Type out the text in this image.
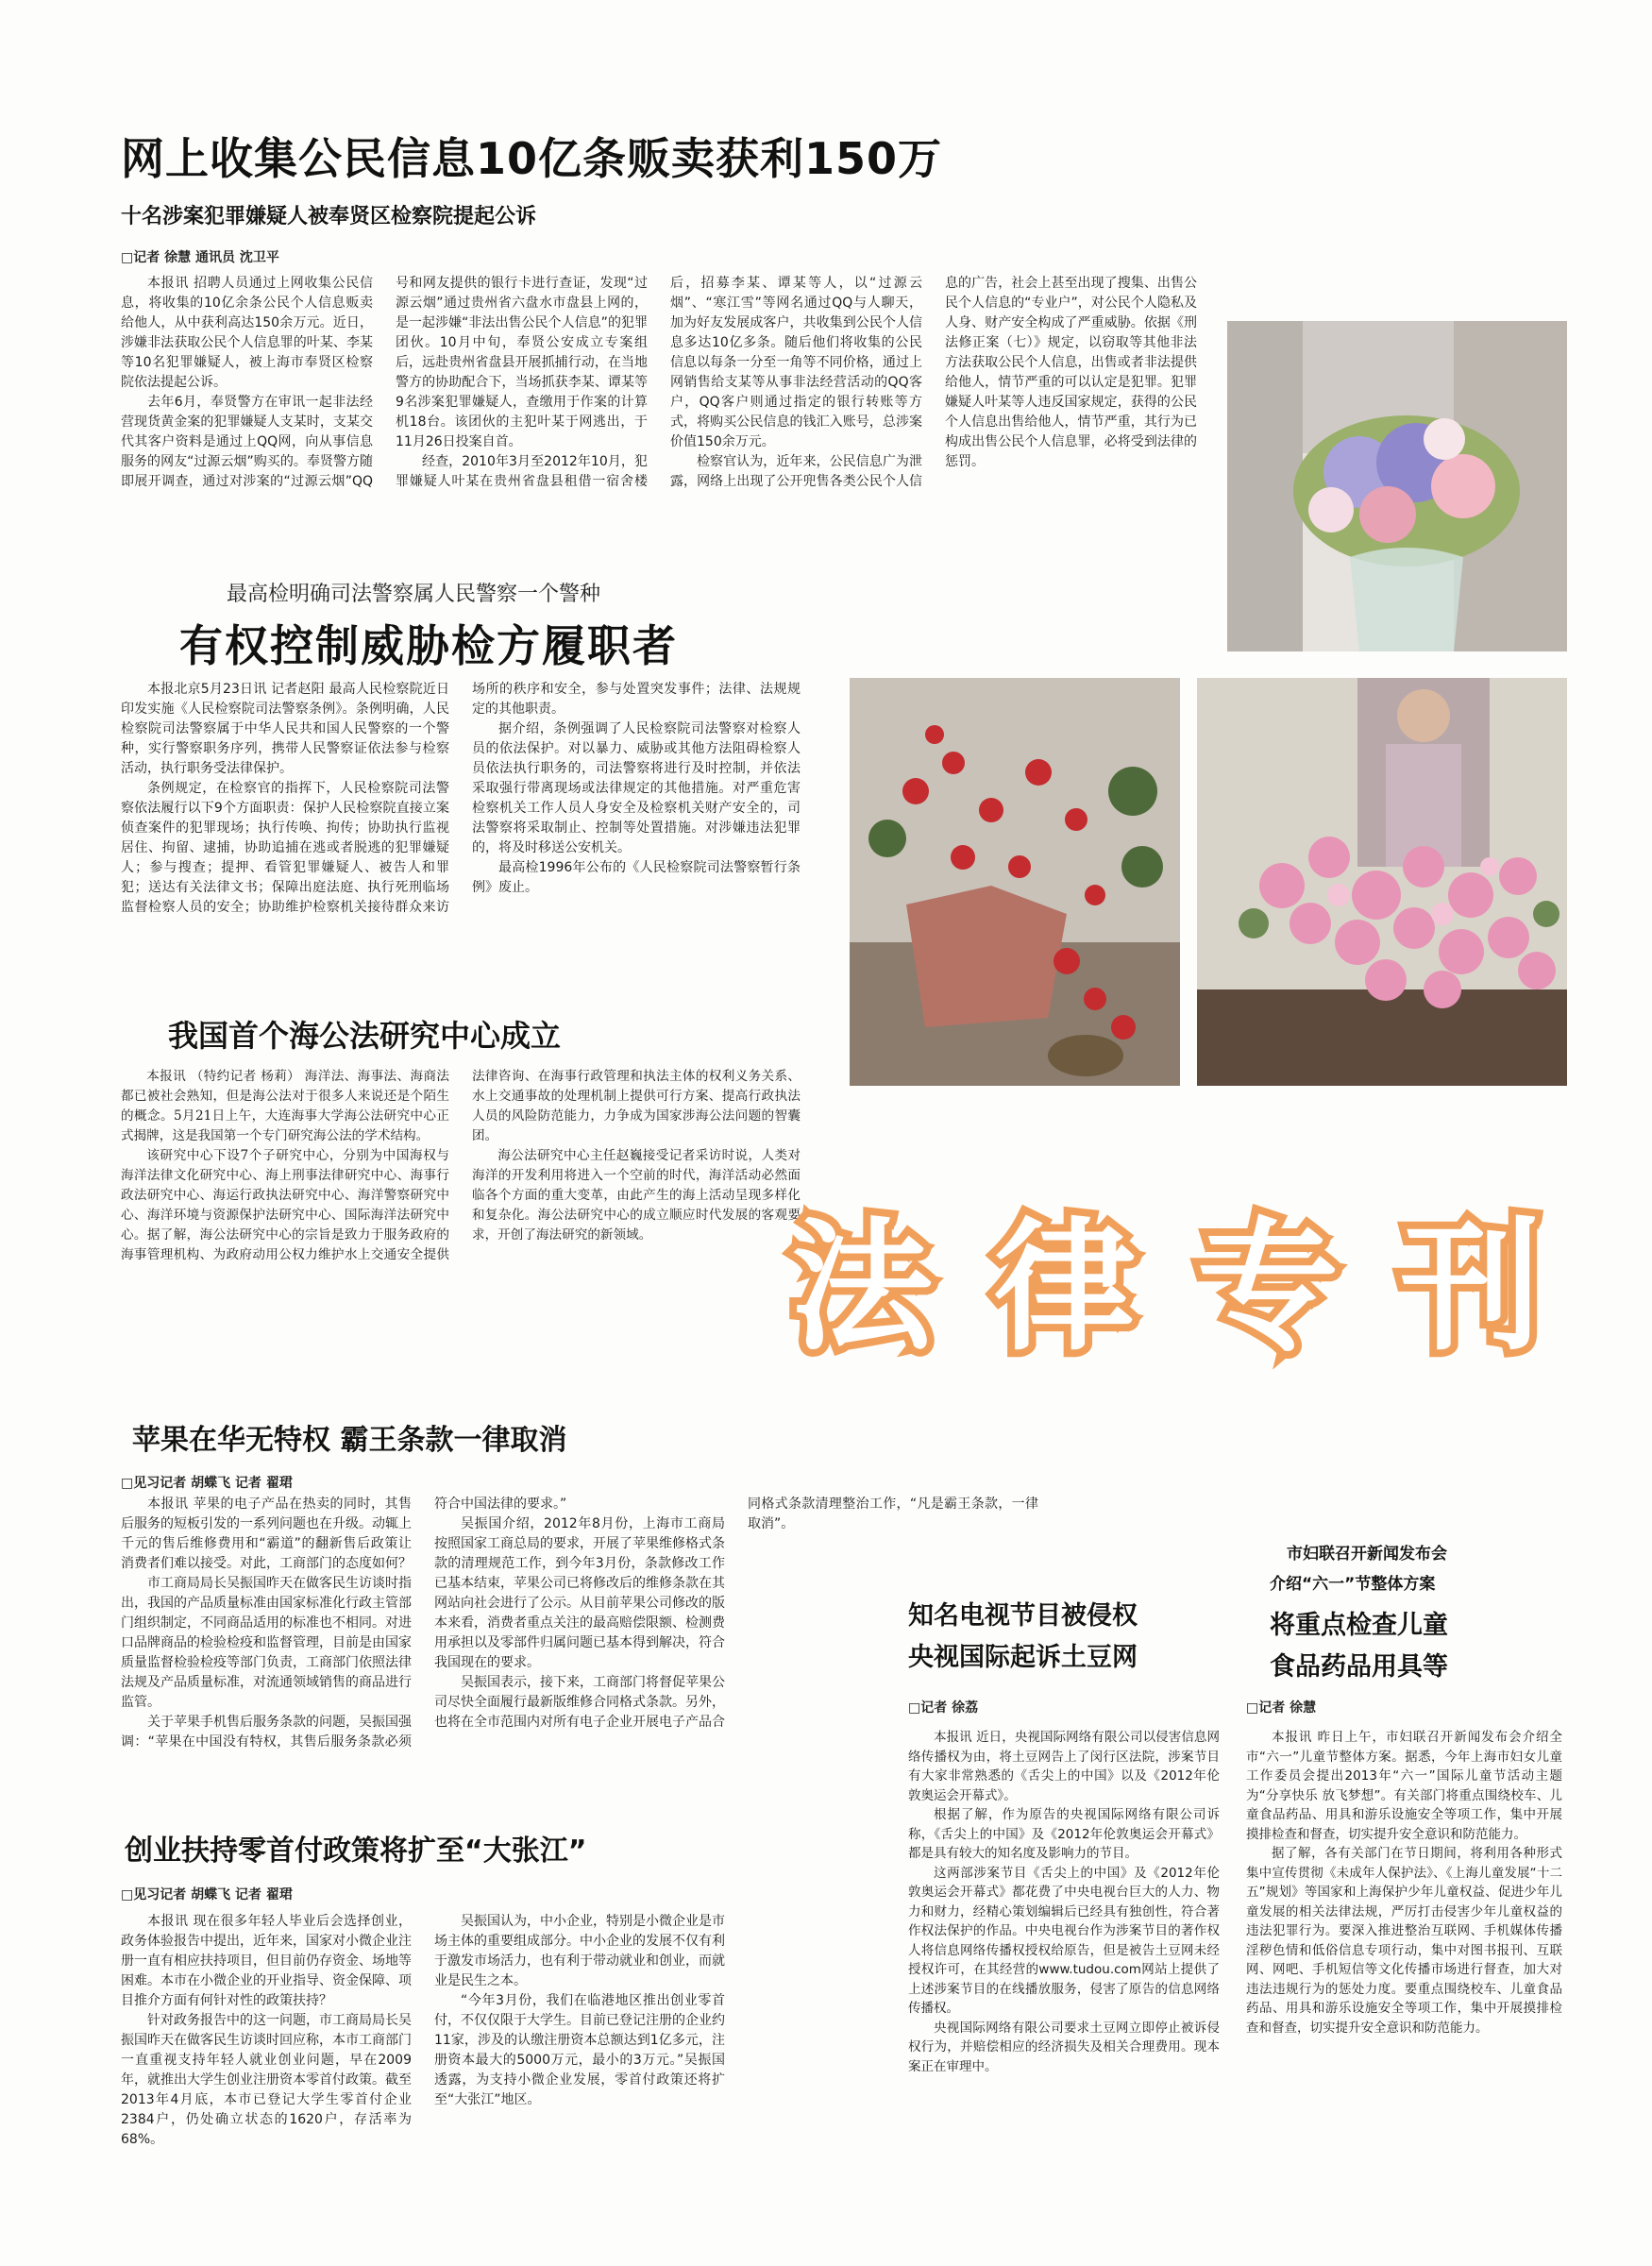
网上收集公民信息10亿条贩卖获利150万
十名涉案犯罪嫌疑人被奉贤区检察院提起公诉
□记者 徐慧 通讯员 沈卫平

本报讯 招聘人员通过上网收集公民信息，将收集的10亿余条公民个人信息贩卖给他人，从中获利高达150余万元。近日，涉嫌非法获取公民个人信息罪的叶某、李某等10名犯罪嫌疑人，被上海市奉贤区检察院依法提起公诉。

去年6月，奉贤警方在审讯一起非法经营现货黄金案的犯罪嫌疑人支某时，支某交代其客户资料是通过上QQ网，向从事信息服务的网友“过源云烟”购买的。奉贤警方随即展开调查，通过对涉案的“过源云烟”QQ号和网友提供的银行卡进行查证，发现“过源云烟”通过贵州省六盘水市盘县上网的，是一起涉嫌“非法出售公民个人信息”的犯罪团伙。10月中旬，奉贤公安成立专案组后，远赴贵州省盘县开展抓捕行动，在当地警方的协助配合下，当场抓获李某、谭某等9名涉案犯罪嫌疑人，查缴用于作案的计算机18台。该团伙的主犯叶某于网逃出，于11月26日投案自首。

经查，2010年3月至2012年10月，犯罪嫌疑人叶某在贵州省盘县租借一宿舍楼后，招募李某、谭某等人，以“过源云烟”、“寒江雪”等网名通过QQ与人聊天，加为好友发展成客户，共收集到公民个人信息多达10亿多条。随后他们将收集的公民信息以每条一分至一角等不同价格，通过上网销售给支某等从事非法经营活动的QQ客户，QQ客户则通过指定的银行转账等方式，将购买公民信息的钱汇入账号，总涉案价值150余万元。

检察官认为，近年来，公民信息广为泄露，网络上出现了公开兜售各类公民个人信息的广告，社会上甚至出现了搜集、出售公民个人信息的“专业户”，对公民个人隐私及人身、财产安全构成了严重威胁。依据《刑法修正案（七）》规定，以窃取等其他非法方法获取公民个人信息，出售或者非法提供给他人，情节严重的可以认定是犯罪。犯罪嫌疑人叶某等人违反国家规定，获得的公民个人信息出售给他人，情节严重，其行为已构成出售公民个人信息罪，必将受到法律的惩罚。

最高检明确司法警察属人民警察一个警种
有权控制威胁检方履职者

本报北京5月23日讯 记者赵阳 最高人民检察院近日印发实施《人民检察院司法警察条例》。条例明确，人民检察院司法警察属于中华人民共和国人民警察的一个警种，实行警察职务序列，携带人民警察证依法参与检察活动，执行职务受法律保护。

条例规定，在检察官的指挥下，人民检察院司法警察依法履行以下9个方面职责：保护人民检察院直接立案侦查案件的犯罪现场；执行传唤、拘传；协助执行监视居住、拘留、逮捕，协助追捕在逃或者脱逃的犯罪嫌疑人；参与搜查；提押、看管犯罪嫌疑人、被告人和罪犯；送达有关法律文书；保障出庭法庭、执行死刑临场监督检察人员的安全；协助维护检察机关接待群众来访场所的秩序和安全，参与处置突发事件；法律、法规规定的其他职责。

据介绍，条例强调了人民检察院司法警察对检察人员的依法保护。对以暴力、威胁或其他方法阻碍检察人员依法执行职务的，司法警察将进行及时控制，并依法采取强行带离现场或法律规定的其他措施。对严重危害检察机关工作人员人身安全及检察机关财产安全的，司法警察将采取制止、控制等处置措施。对涉嫌违法犯罪的，将及时移送公安机关。

最高检1996年公布的《人民检察院司法警察暂行条例》废止。

我国首个海公法研究中心成立

本报讯 （特约记者 杨莉） 海洋法、海事法、海商法都已被社会熟知，但是海公法对于很多人来说还是个陌生的概念。5月21日上午，大连海事大学海公法研究中心正式揭牌，这是我国第一个专门研究海公法的学术结构。

该研究中心下设7个子研究中心，分别为中国海权与海洋法律文化研究中心、海上刑事法律研究中心、海事行政法研究中心、海运行政执法研究中心、海洋警察研究中心、海洋环境与资源保护法研究中心、国际海洋法研究中心。据了解，海公法研究中心的宗旨是致力于服务政府的海事管理机构、为政府动用公权力维护水上交通安全提供法律咨询、在海事行政管理和执法主体的权利义务关系、水上交通事故的处理机制上提供可行方案、提高行政执法人员的风险防范能力，力争成为国家涉海公法问题的智囊团。

海公法研究中心主任赵巍接受记者采访时说，人类对海洋的开发利用将进入一个空前的时代，海洋活动必然面临各个方面的重大变革，由此产生的海上活动呈现多样化和复杂化。海公法研究中心的成立顺应时代发展的客观要求，开创了海法研究的新领域。 法 律 专 刊
苹果在华无特权 霸王条款一律取消
□见习记者 胡蝶飞 记者 翟珺

本报讯 苹果的电子产品在热卖的同时，其售后服务的短板引发的一系列问题也在升级。动辄上千元的售后维修费用和“霸道”的翻新售后政策让消费者们难以接受。对此，工商部门的态度如何？

市工商局局长吴振国昨天在做客民生访谈时指出，我国的产品质量标准由国家标准化行政主管部门组织制定，不同商品适用的标准也不相同。对进口品牌商品的检验检疫和监督管理，目前是由国家质量监督检验检疫等部门负责，工商部门依照法律法规及产品质量标准，对流通领域销售的商品进行监管。

关于苹果手机售后服务条款的问题，吴振国强调：“苹果在中国没有特权，其售后服务条款必须符合中国法律的要求。”

吴振国介绍，2012年8月份，上海市工商局按照国家工商总局的要求，开展了苹果维修格式条款的清理规范工作，到今年3月份，条款修改工作已基本结束，苹果公司已将修改后的维修条款在其网站向社会进行了公示。从目前苹果公司修改的版本来看，消费者重点关注的最高赔偿限额、检测费用承担以及零部件归属问题已基本得到解决，符合我国现在的要求。

吴振国表示，接下来，工商部门将督促苹果公司尽快全面履行最新版维修合同格式条款。另外，也将在全市范围内对所有电子企业开展电子产品合同格式条款清理整治工作，“凡是霸王条款，一律取消”。

创业扶持零首付政策将扩至“大张江”
□见习记者 胡蝶飞 记者 翟珺

本报讯 现在很多年轻人毕业后会选择创业，政务体验报告中提出，近年来，国家对小微企业注册一直有相应扶持项目，但目前仍存资金、场地等困难。本市在小微企业的开业指导、资金保障、项目推介方面有何针对性的政策扶持？

针对政务报告中的这一问题，市工商局局长吴振国昨天在做客民生访谈时回应称，本市工商部门一直重视支持年轻人就业创业问题，早在2009年，就推出大学生创业注册资本零首付政策。截至2013年4月底，本市已登记大学生零首付企业2384户，仍处确立状态的1620户，存活率为68%。

吴振国认为，中小企业，特别是小微企业是市场主体的重要组成部分。中小企业的发展不仅有利于激发市场活力，也有利于带动就业和创业，而就业是民生之本。

“今年3月份，我们在临港地区推出创业零首付，不仅仅限于大学生。目前已登记注册的企业约11家，涉及的认缴注册资本总额达到1亿多元，注册资本最大的5000万元，最小的3万元。”吴振国透露，为支持小微企业发展，零首付政策还将扩至“大张江”地区。

知名电视节目被侵权
央视国际起诉土豆网
□记者 徐荔

本报讯 近日，央视国际网络有限公司以侵害信息网络传播权为由，将土豆网告上了闵行区法院，涉案节目有大家非常熟悉的《舌尖上的中国》以及《2012年伦敦奥运会开幕式》。

根据了解，作为原告的央视国际网络有限公司诉称，《舌尖上的中国》及《2012年伦敦奥运会开幕式》都是具有较大的知名度及影响力的节目。

这两部涉案节目《舌尖上的中国》及《2012年伦敦奥运会开幕式》都花费了中央电视台巨大的人力、物力和财力，经精心策划编辑后已经具有独创性，符合著作权法保护的作品。中央电视台作为涉案节目的著作权人将信息网络传播权授权给原告，但是被告土豆网未经授权许可，在其经营的www.tudou.com网站上提供了上述涉案节目的在线播放服务，侵害了原告的信息网络传播权。

央视国际网络有限公司要求土豆网立即停止被诉侵权行为，并赔偿相应的经济损失及相关合理费用。现本案正在审理中。

市妇联召开新闻发布会
介绍“六一”节整体方案
将重点检查儿童
食品药品用具等
□记者 徐慧

本报讯 昨日上午，市妇联召开新闻发布会介绍全市“六一”儿童节整体方案。据悉，今年上海市妇女儿童工作委员会提出2013年“六一”国际儿童节活动主题为“分享快乐 放飞梦想”。有关部门将重点围绕校车、儿童食品药品、用具和游乐设施安全等项工作，集中开展摸排检查和督查，切实提升安全意识和防范能力。

据了解，各有关部门在节日期间，将利用各种形式集中宣传贯彻《未成年人保护法》、《上海儿童发展“十二五”规划》等国家和上海保护少年儿童权益、促进少年儿童发展的相关法律法规，严厉打击侵害少年儿童权益的违法犯罪行为。要深入推进整治互联网、手机媒体传播淫秽色情和低俗信息专项行动，集中对图书报刊、互联网、网吧、手机短信等文化传播市场进行督查，加大对违法违规行为的惩处力度。要重点围绕校车、儿童食品药品、用具和游乐设施安全等项工作，集中开展摸排检查和督查，切实提升安全意识和防范能力。
